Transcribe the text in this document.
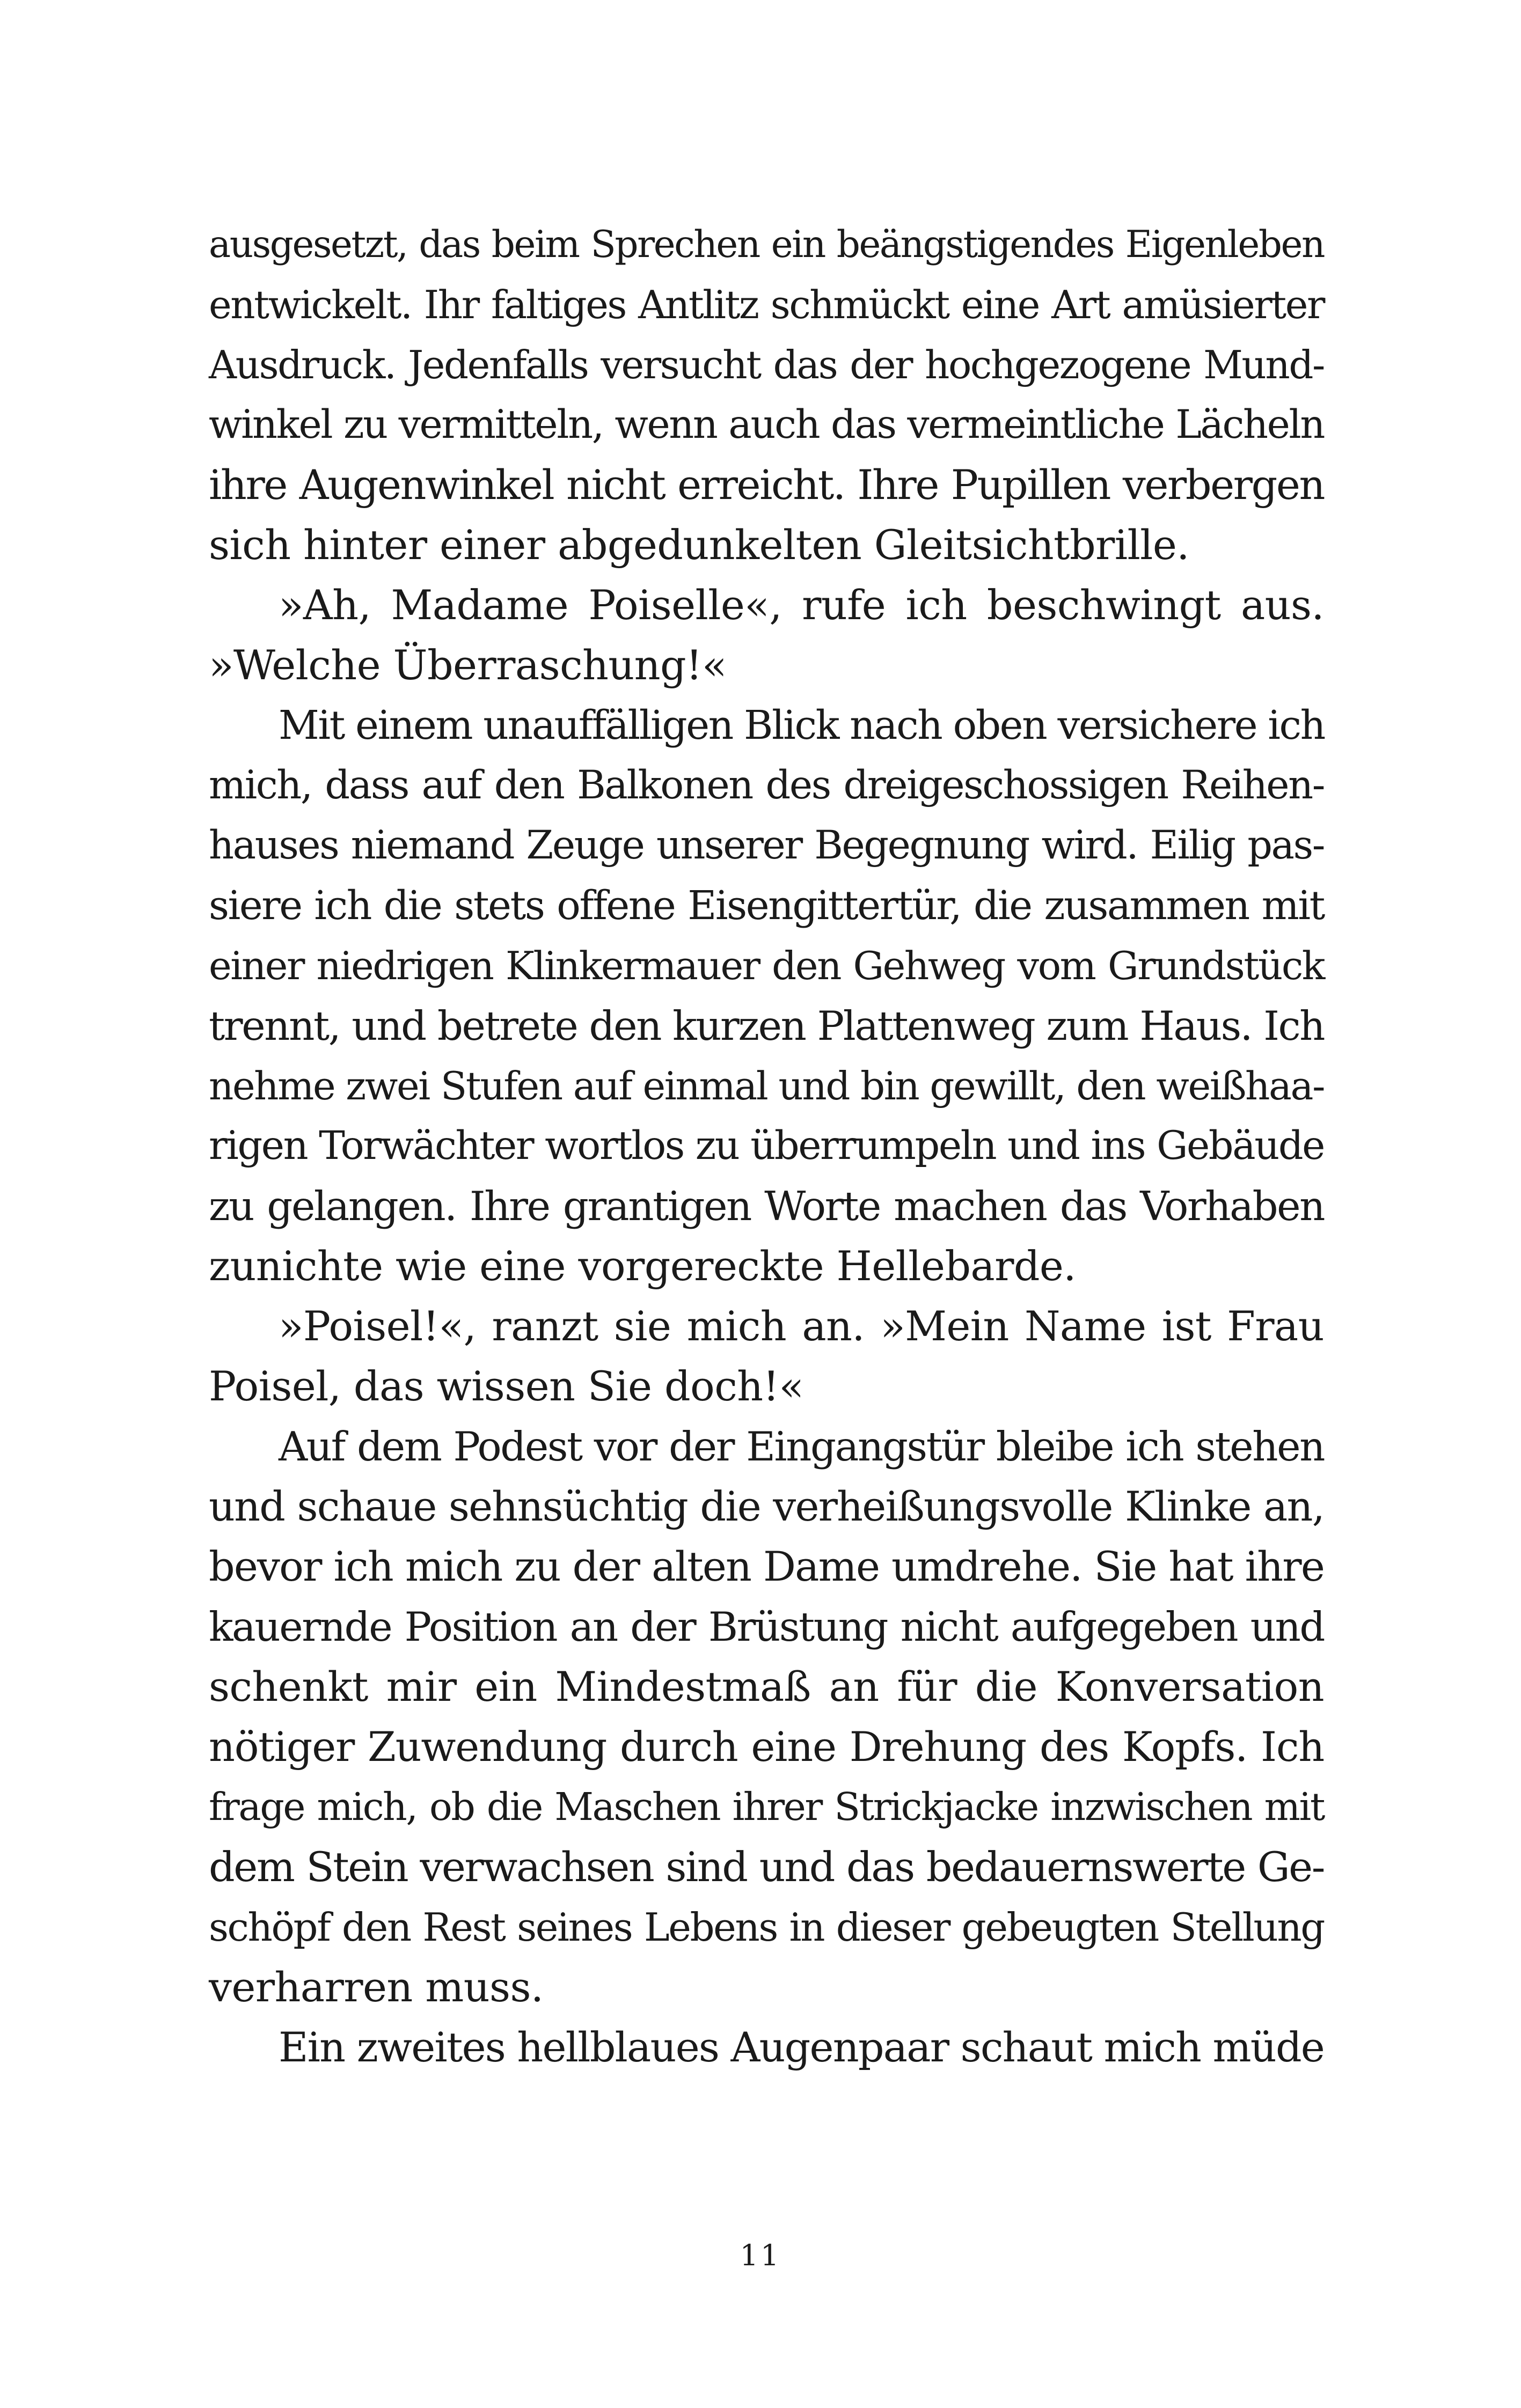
ausgesetzt, das beim Sprechen ein beängstigendes Eigenleben
entwickelt. Ihr faltiges Antlitz schmückt eine Art amüsierter
Ausdruck. Jedenfalls versucht das der hochgezogene Mund-
winkel zu vermitteln, wenn auch das vermeintliche Lächeln
ihre Augenwinkel nicht erreicht. Ihre Pupillen verbergen
sich hinter einer abgedunkelten Gleitsichtbrille.
»Ah, Madame Poiselle«, rufe ich beschwingt aus.
»Welche Überraschung!«
Mit einem unauffälligen Blick nach oben versichere ich
mich, dass auf den Balkonen des dreigeschossigen Reihen-
hauses niemand Zeuge unserer Begegnung wird. Eilig pas-
siere ich die stets offene Eisengittertür, die zusammen mit
einer niedrigen Klinkermauer den Gehweg vom Grundstück
trennt, und betrete den kurzen Plattenweg zum Haus. Ich
nehme zwei Stufen auf einmal und bin gewillt, den weißhaa-
rigen Torwächter wortlos zu überrumpeln und ins Gebäude
zu gelangen. Ihre grantigen Worte machen das Vorhaben
zunichte wie eine vorgereckte Hellebarde.
»Poisel!«, ranzt sie mich an. »Mein Name ist Frau
Poisel, das wissen Sie doch!«
Auf dem Podest vor der Eingangstür bleibe ich stehen
und schaue sehnsüchtig die verheißungsvolle Klinke an,
bevor ich mich zu der alten Dame umdrehe. Sie hat ihre
kauernde Position an der Brüstung nicht aufgegeben und
schenkt mir ein Mindestmaß an für die Konversation
nötiger Zuwendung durch eine Drehung des Kopfs. Ich
frage mich, ob die Maschen ihrer Strickjacke inzwischen mit
dem Stein verwachsen sind und das bedauernswerte Ge-
schöpf den Rest seines Lebens in dieser gebeugten Stellung
verharren muss.
Ein zweites hellblaues Augenpaar schaut mich müde
11
